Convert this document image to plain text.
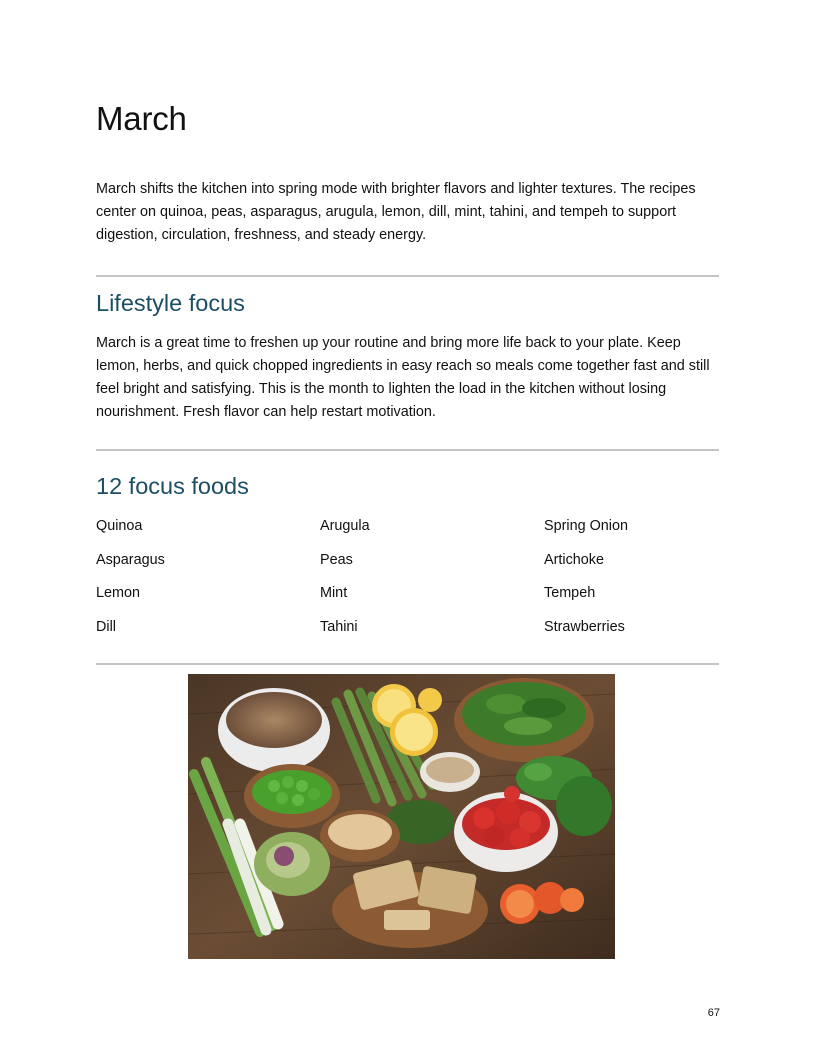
March

March shifts the kitchen into spring mode with brighter flavors and lighter textures. The recipes center on quinoa, peas, asparagus, arugula, lemon, dill, mint, tahini, and tempeh to support digestion, circulation, freshness, and steady energy.

Lifestyle focus

March is a great time to freshen up your routine and bring more life back to your plate. Keep lemon, herbs, and quick chopped ingredients in easy reach so meals come together fast and still feel bright and satisfying. This is the month to lighten the load in the kitchen without losing nourishment. Fresh flavor can help restart motivation.

12 focus foods
Quinoa	Arugula	Spring Onion
Asparagus	Peas	Artichoke
Lemon	Mint	Tempeh
Dill	Tahini	Strawberries
67
